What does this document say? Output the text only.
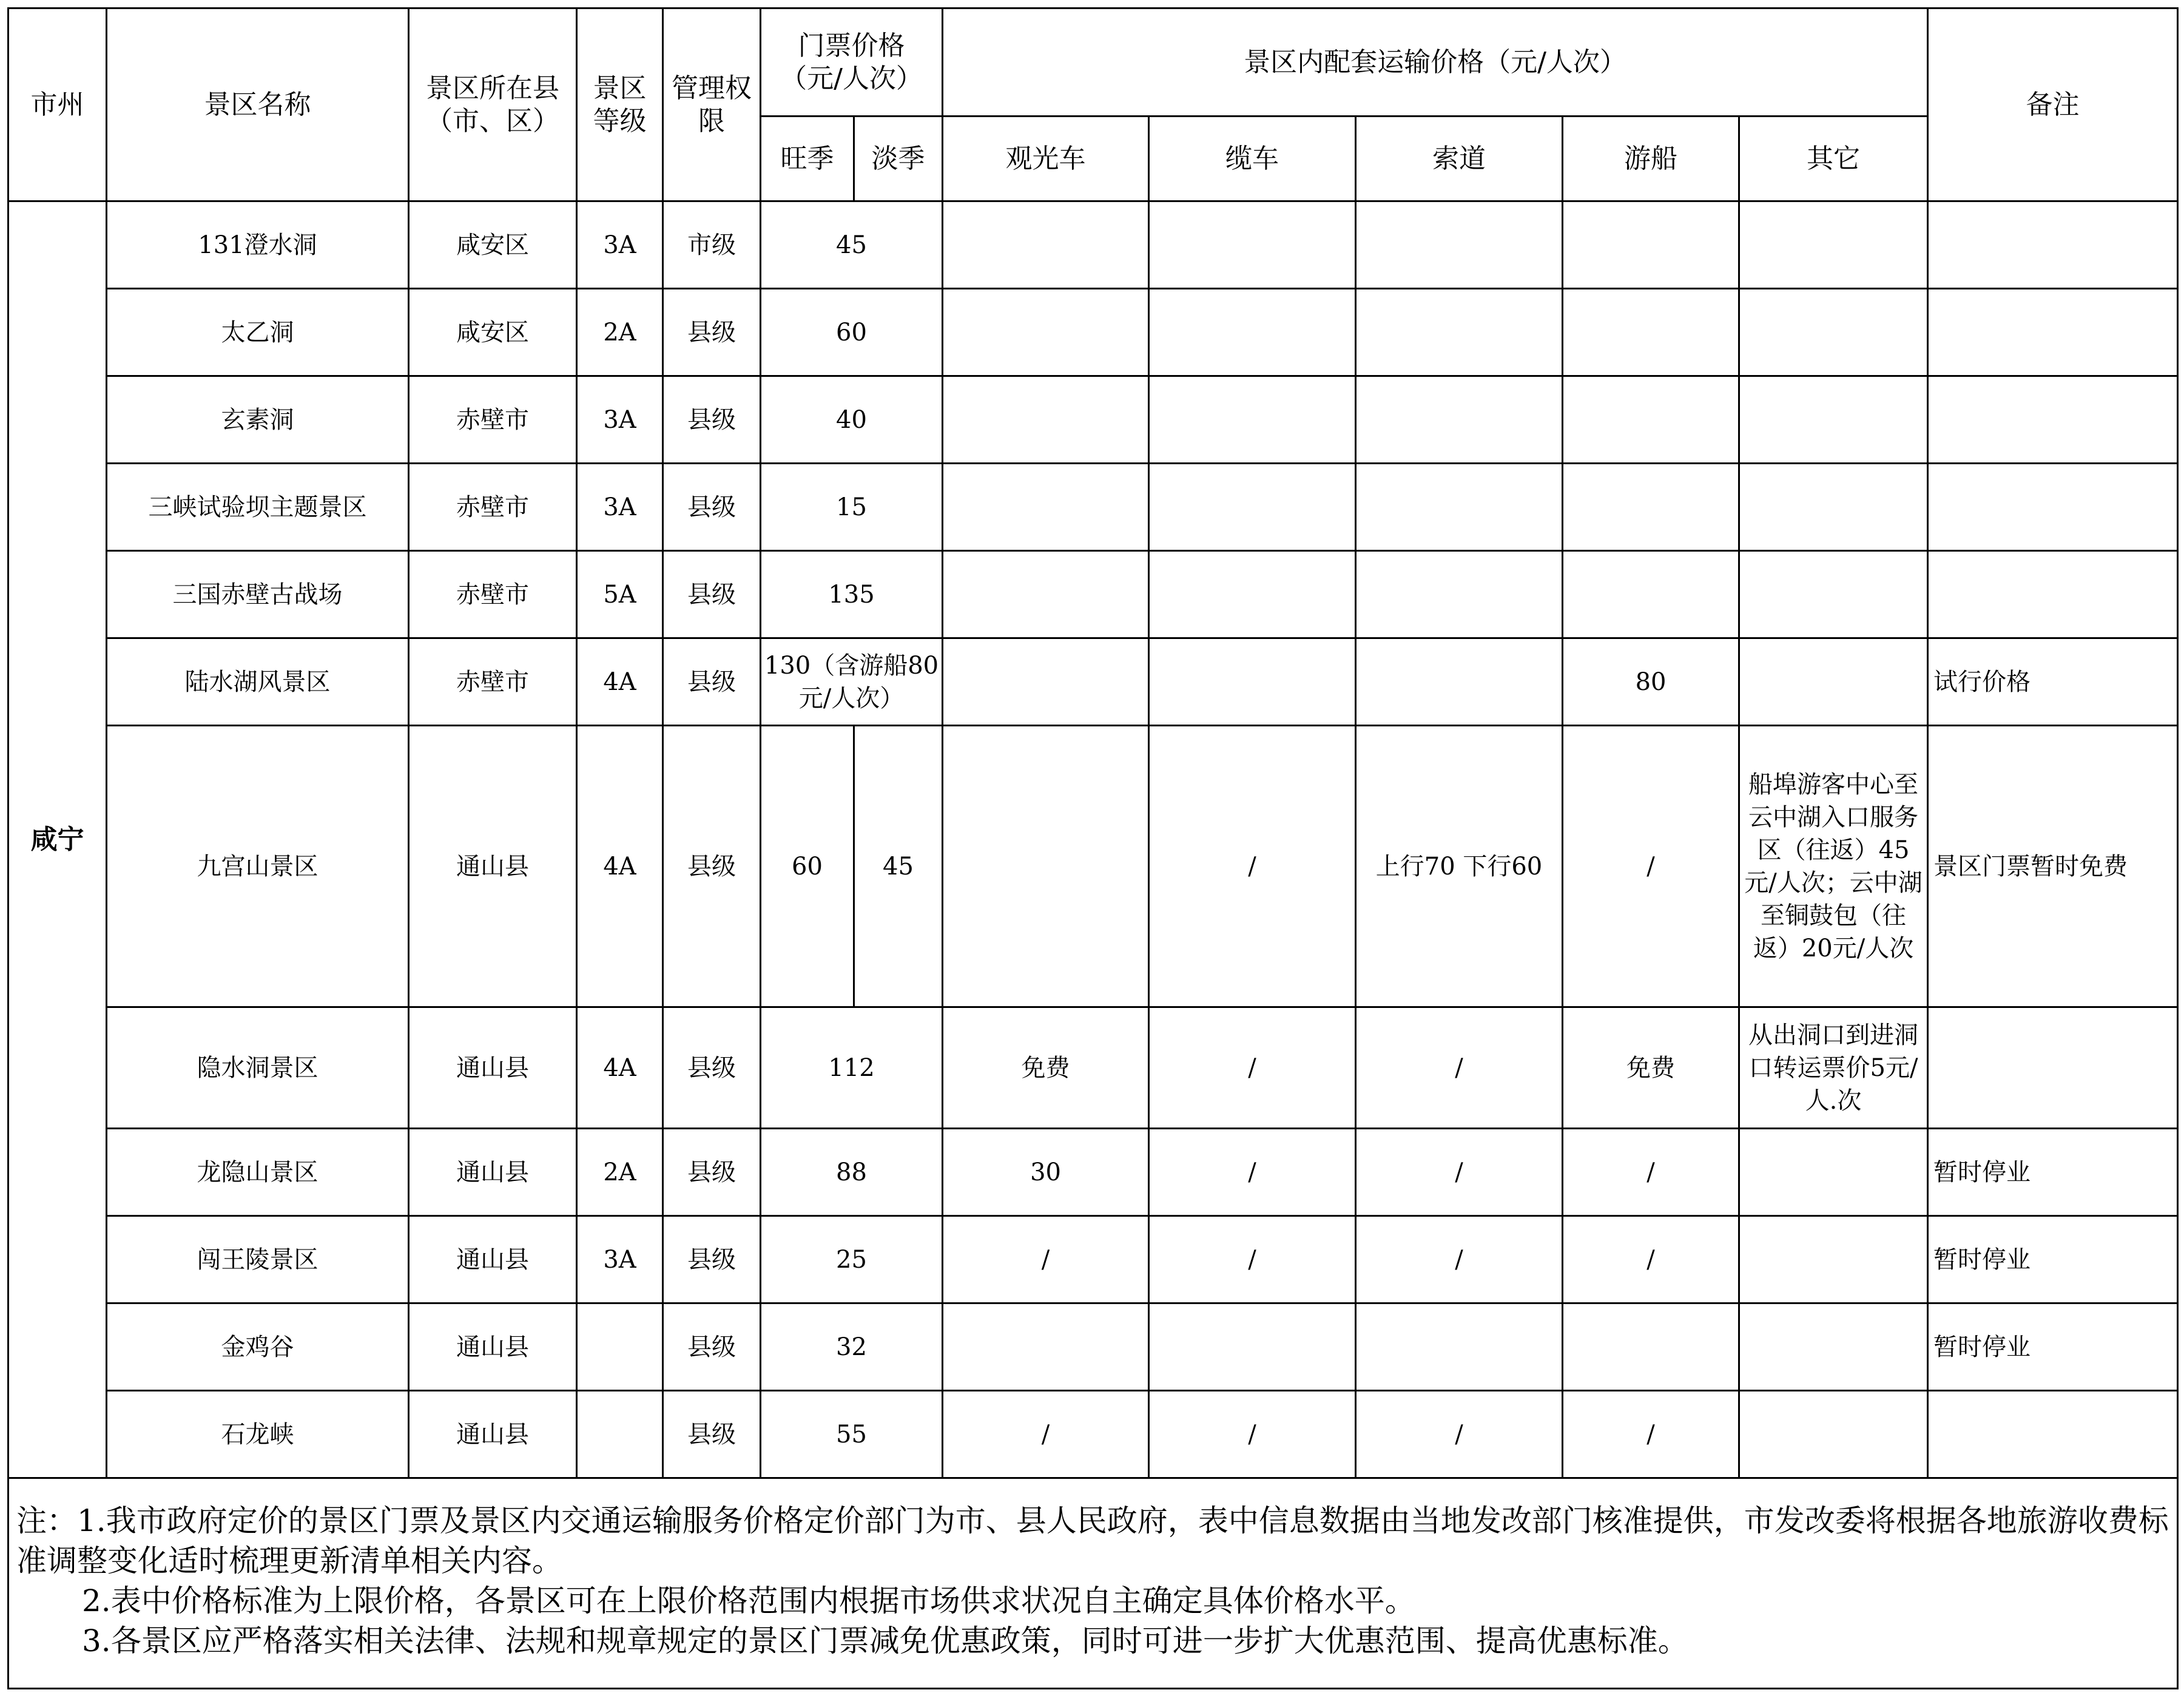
市州	景区名称	景区所在县（市、区）	景区等级	管理权限	门票价格（元/人次）		景区内配套运输价格（元/人次）					备注
					旺季	淡季	观光车	缆车	索道	游船	其它	
咸宁	131澄水洞	咸安区	3A	市级	45							
	太乙洞	咸安区	2A	县级	60							
	玄素洞	赤壁市	3A	县级	40							
	三峡试验坝主题景区	赤壁市	3A	县级	15							
	三国赤壁古战场	赤壁市	5A	县级	135							
	陆水湖风景区	赤壁市	4A	县级	130（含游船80元/人次）					80		试行价格
	九宫山景区	通山县	4A	县级	60	45		/	上行70 下行60	/	船埠游客中心至云中湖入口服务区（往返）45元/人次；云中湖至铜鼓包（往返）20元/人次	景区门票暂时免费
	隐水洞景区	通山县	4A	县级	112		免费	/	/	免费	从出洞口到进洞口转运票价5元/人.次	
	龙隐山景区	通山县	2A	县级	88		30	/	/	/		暂时停业
	闯王陵景区	通山县	3A	县级	25		/	/	/	/		暂时停业
	金鸡谷	通山县		县级	32							暂时停业
	石龙峡	通山县		县级	55		/	/	/	/		

注：1.我市政府定价的景区门票及景区内交通运输服务价格定价部门为市、县人民政府，表中信息数据由当地发改部门核准提供，市发改委将根据各地旅游收费标准调整变化适时梳理更新清单相关内容。
2.表中价格标准为上限价格，各景区可在上限价格范围内根据市场供求状况自主确定具体价格水平。
3.各景区应严格落实相关法律、法规和规章规定的景区门票减免优惠政策，同时可进一步扩大优惠范围、提高优惠标准。												
